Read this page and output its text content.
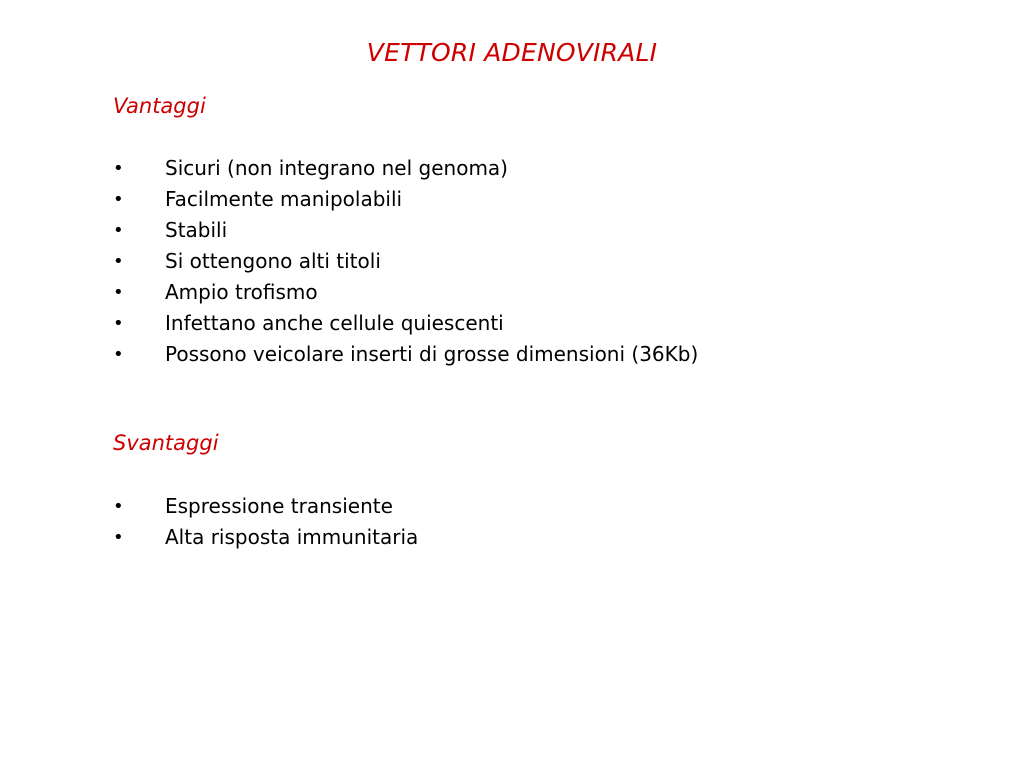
VETTORI ADENOVIRALI
Vantaggi
• Sicuri (non integrano nel genoma)
• Facilmente manipolabili
• Stabili
• Si ottengono alti titoli
• Ampio trofismo
• Infettano anche cellule quiescenti
• Possono veicolare inserti di grosse dimensioni (36Kb)
Svantaggi
• Espressione transiente
• Alta risposta immunitaria
